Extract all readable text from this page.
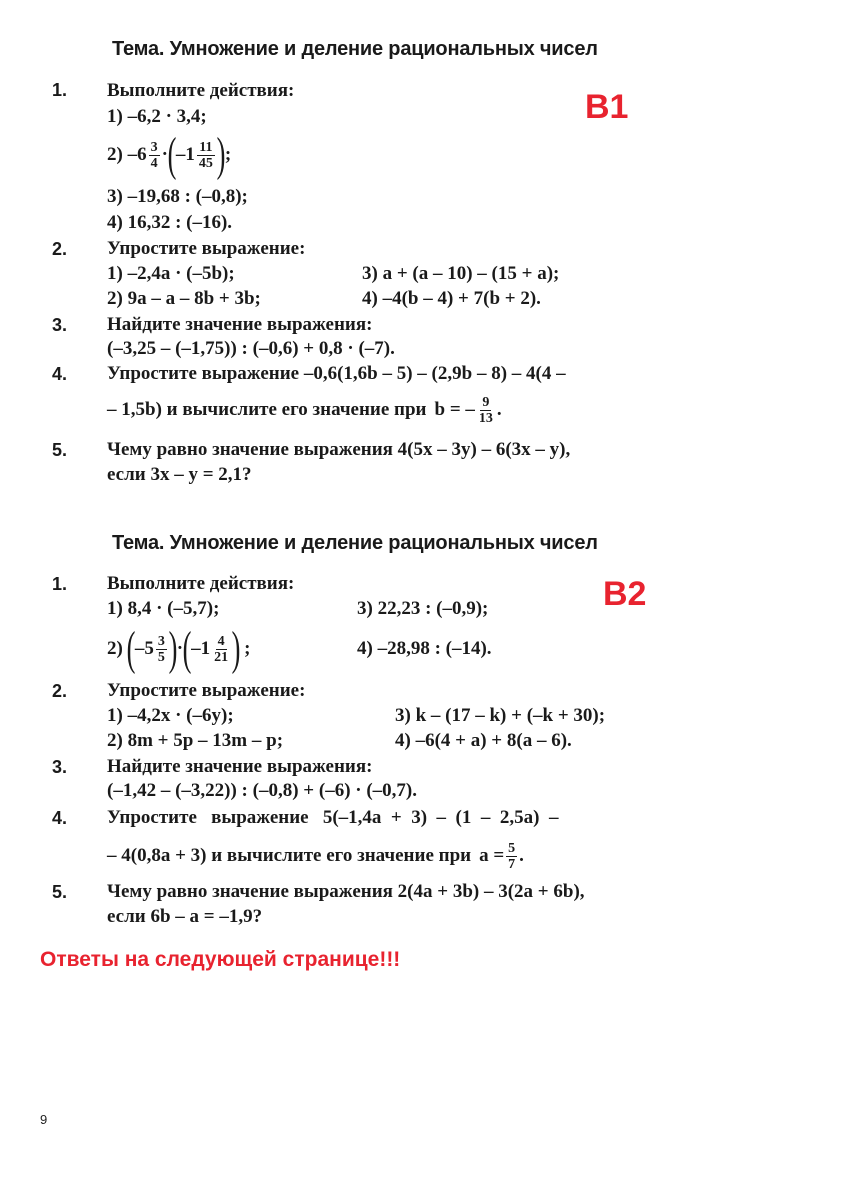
Тема. Умножение и деление рациональных чисел
В1
1. Выполните действия:
1) –6,2 · 3,4;
2) $-6 \frac{3}{4}$ · ( $-1 \frac{11}{45}$ ) ;
3) –19,68 : (–0,8);
4) 16,32 : (–16).
2. Упростите выражение:
1) –2,4a · (–5b);
2) 9a – a – 8b + 3b;
3) a + (a – 10) – (15 + a);
4) –4(b – 4) + 7(b + 2).
3. Найдите значение выражения:
(–3,25 – (–1,75)) : (–0,6) + 0,8 · (–7).
4. Упростите выражение –0,6(1,6b – 5) – (2,9b – 8) – 4(4 –
– 1,5b) и вычислите его значение при b = – $\frac{9}{13}$ .
5. Чему равно значение выражения 4(5x – 3y) – 6(3x – y),
если 3x – y = 2,1?
Тема. Умножение и деление рациональных чисел
В2
1. Выполните действия:
1) 8,4 · (–5,7);	3) 22,23 : (–0,9);
2) ( $-5 \frac{3}{5}$ ) · ( $-1 \frac{4}{21}$ ) ;	4) –28,98 : (–14).
2. Упростите выражение:
1) –4,2x · (–6y);
2) 8m + 5p – 13m – p;
3) k – (17 – k) + (–k + 30);
4) –6(4 + a) + 8(a – 6).
3. Найдите значение выражения:
(–1,42 – (–3,22)) : (–0,8) + (–6) · (–0,7).
4. Упростите   выражение   5(–1,4a  +  3)  –  (1  –  2,5a)  –
– 4(0,8a + 3) и вычислите его значение при $a = \frac{5}{7}$ .
5. Чему равно значение выражения 2(4a + 3b) – 3(2a + 6b),
если 6b – a = –1,9?
Ответы на следующей странице!!!
9
